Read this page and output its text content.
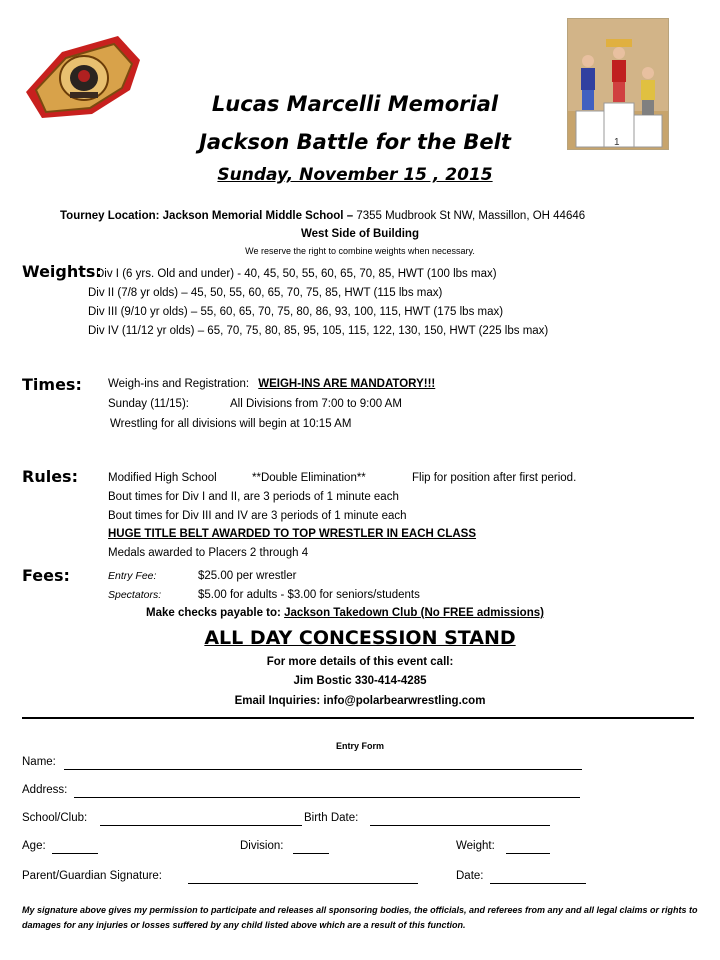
1
Lucas Marcelli Memorial
Jackson Battle for the Belt
Sunday, November 15 , 2015
Tourney Location: Jackson Memorial Middle School – 7355 Mudbrook St NW, Massillon, OH 44646
West Side of Building
We reserve the right to combine weights when necessary.
Weights:
Div I (6 yrs. Old and under) - 40, 45, 50, 55, 60, 65, 70, 85, HWT (100 lbs max)
Div II (7/8 yr olds) – 45, 50, 55, 60, 65, 70, 75, 85, HWT (115 lbs max)
Div III (9/10 yr olds) – 55, 60, 65, 70, 75, 80, 86, 93, 100, 115, HWT (175 lbs max)
Div IV (11/12 yr olds) – 65, 70, 75, 80, 85, 95, 105, 115, 122, 130, 150, HWT (225 lbs max)
Times: Weigh-ins and Registration: WEIGH-INS ARE MANDATORY!!!
Sunday (11/15):	All Divisions from 7:00 to 9:00 AM
Wrestling for all divisions will begin at 10:15 AM
Rules:	Modified High School	**Double Elimination**	Flip for position after first period.
Bout times for Div I and II, are 3 periods of 1 minute each
Bout times for Div III and IV are 3 periods of 1 minute each
HUGE TITLE BELT AWARDED TO TOP WRESTLER IN EACH CLASS
Medals awarded to Placers 2 through 4
Fees:	Entry Fee:	$25.00 per wrestler
Spectators:	$5.00 for adults - $3.00 for seniors/students
Make checks payable to: Jackson Takedown Club (No FREE admissions)
ALL DAY CONCESSION STAND
For more details of this event call:
Jim Bostic 330-414-4285
Email Inquiries: info@polarbearwrestling.com
Entry Form
Name:
Address:
School/Club:	Birth Date:
Age:	Division:	Weight:
Parent/Guardian Signature:	Date:
My signature above gives my permission to participate and releases all sponsoring bodies, the officials, and referees from any and all legal claims or rights to damages for any injuries or losses suffered by any child listed above which are a result of this function.
